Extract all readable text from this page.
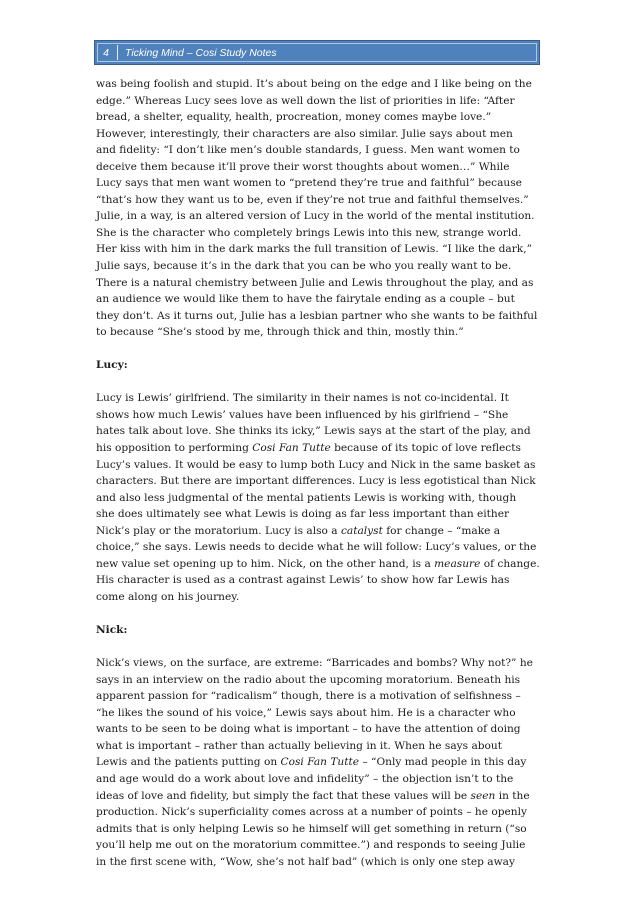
4	Ticking Mind – Cosi Study Notes

was being foolish and stupid. It’s about being on the edge and I like being on the

edge.” Whereas Lucy sees love as well down the list of priorities in life: “After

bread, a shelter, equality, health, procreation, money comes maybe love.”

However, interestingly, their characters are also similar. Julie says about men

and fidelity: “I don’t like men’s double standards, I guess. Men want women to

deceive them because it’ll prove their worst thoughts about women…” While

Lucy says that men want women to “pretend they’re true and faithful” because

“that’s how they want us to be, even if they’re not true and faithful themselves.”

Julie, in a way, is an altered version of Lucy in the world of the mental institution.

She is the character who completely brings Lewis into this new, strange world.

Her kiss with him in the dark marks the full transition of Lewis. “I like the dark,”

Julie says, because it’s in the dark that you can be who you really want to be.

There is a natural chemistry between Julie and Lewis throughout the play, and as

an audience we would like them to have the fairytale ending as a couple – but

they don’t. As it turns out, Julie has a lesbian partner who she wants to be faithful

to because “She’s stood by me, through thick and thin, mostly thin.”

Lucy:

Lucy is Lewis’ girlfriend. The similarity in their names is not co-incidental. It

shows how much Lewis’ values have been influenced by his girlfriend – “She

hates talk about love. She thinks its icky,” Lewis says at the start of the play, and

his opposition to performing Cosi Fan Tutte because of its topic of love reflects

Lucy’s values. It would be easy to lump both Lucy and Nick in the same basket as

characters. But there are important differences. Lucy is less egotistical than Nick

and also less judgmental of the mental patients Lewis is working with, though

she does ultimately see what Lewis is doing as far less important than either

Nick’s play or the moratorium. Lucy is also a catalyst for change – “make a

choice,” she says. Lewis needs to decide what he will follow: Lucy’s values, or the

new value set opening up to him. Nick, on the other hand, is a measure of change.

His character is used as a contrast against Lewis’ to show how far Lewis has

come along on his journey.

Nick:

Nick’s views, on the surface, are extreme: “Barricades and bombs? Why not?” he

says in an interview on the radio about the upcoming moratorium. Beneath his

apparent passion for “radicalism” though, there is a motivation of selfishness –

“he likes the sound of his voice,” Lewis says about him. He is a character who

wants to be seen to be doing what is important – to have the attention of doing

what is important – rather than actually believing in it. When he says about

Lewis and the patients putting on Cosi Fan Tutte – “Only mad people in this day

and age would do a work about love and infidelity” – the objection isn’t to the

ideas of love and fidelity, but simply the fact that these values will be seen in the

production. Nick’s superficiality comes across at a number of points – he openly

admits that is only helping Lewis so he himself will get something in return (“so

you’ll help me out on the moratorium committee.”) and responds to seeing Julie

in the first scene with, “Wow, she’s not half bad” (which is only one step away
